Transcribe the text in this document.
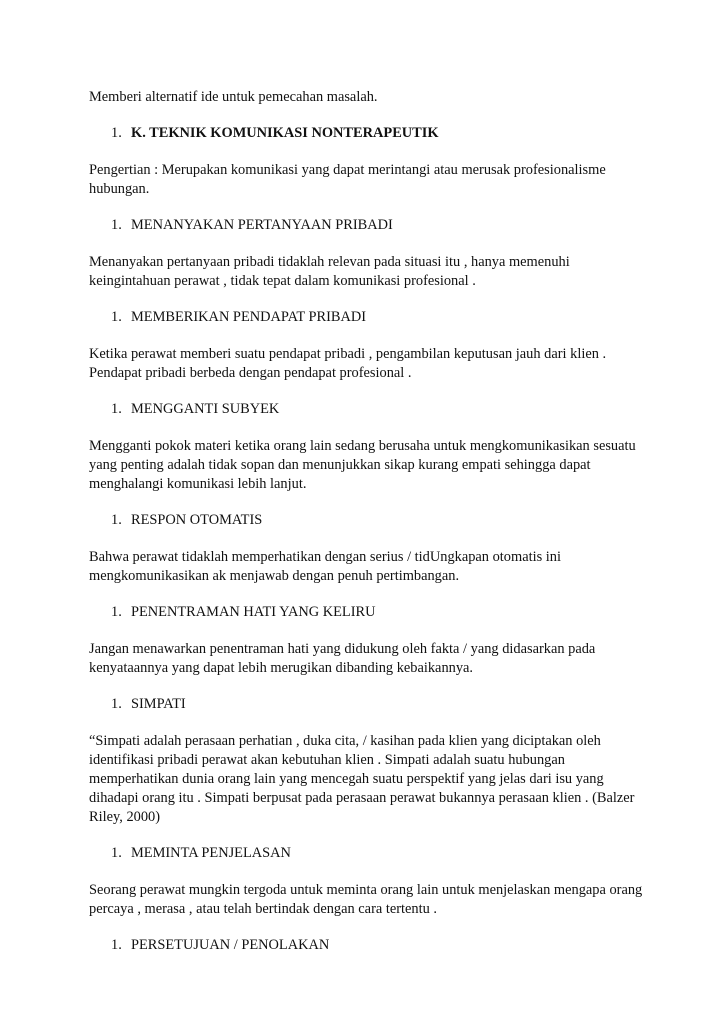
Memberi alternatif ide untuk pemecahan masalah.

1. K. TEKNIK KOMUNIKASI NONTERAPEUTIK

Pengertian : Merupakan komunikasi yang dapat merintangi atau merusak profesionalisme hubungan.

1. MENANYAKAN PERTANYAAN PRIBADI

Menanyakan pertanyaan pribadi tidaklah relevan pada situasi itu , hanya memenuhi keingintahuan perawat , tidak tepat dalam komunikasi profesional .

1. MEMBERIKAN PENDAPAT PRIBADI

Ketika perawat memberi suatu pendapat pribadi , pengambilan keputusan jauh dari klien . Pendapat pribadi berbeda dengan pendapat profesional .

1. MENGGANTI SUBYEK

Mengganti pokok materi ketika orang lain sedang berusaha untuk mengkomunikasikan sesuatu yang penting adalah tidak sopan dan menunjukkan sikap kurang empati sehingga dapat menghalangi komunikasi lebih lanjut.

1. RESPON OTOMATIS

Bahwa perawat tidaklah memperhatikan dengan serius / tidUngkapan otomatis ini mengkomunikasikan ak menjawab dengan penuh pertimbangan.

1. PENENTRAMAN HATI YANG KELIRU

Jangan menawarkan penentraman hati yang didukung oleh fakta / yang didasarkan pada kenyataannya yang dapat lebih merugikan dibanding kebaikannya.

1. SIMPATI

“Simpati adalah perasaan perhatian , duka cita, / kasihan pada klien yang diciptakan oleh identifikasi pribadi perawat akan kebutuhan klien . Simpati adalah suatu hubungan memperhatikan dunia orang lain yang mencegah suatu perspektif yang jelas dari isu yang dihadapi orang itu . Simpati berpusat pada perasaan perawat bukannya perasaan klien . (Balzer Riley, 2000)

1. MEMINTA PENJELASAN

Seorang perawat mungkin tergoda untuk meminta orang lain untuk menjelaskan mengapa orang percaya , merasa , atau telah bertindak dengan cara tertentu .

1. PERSETUJUAN / PENOLAKAN
